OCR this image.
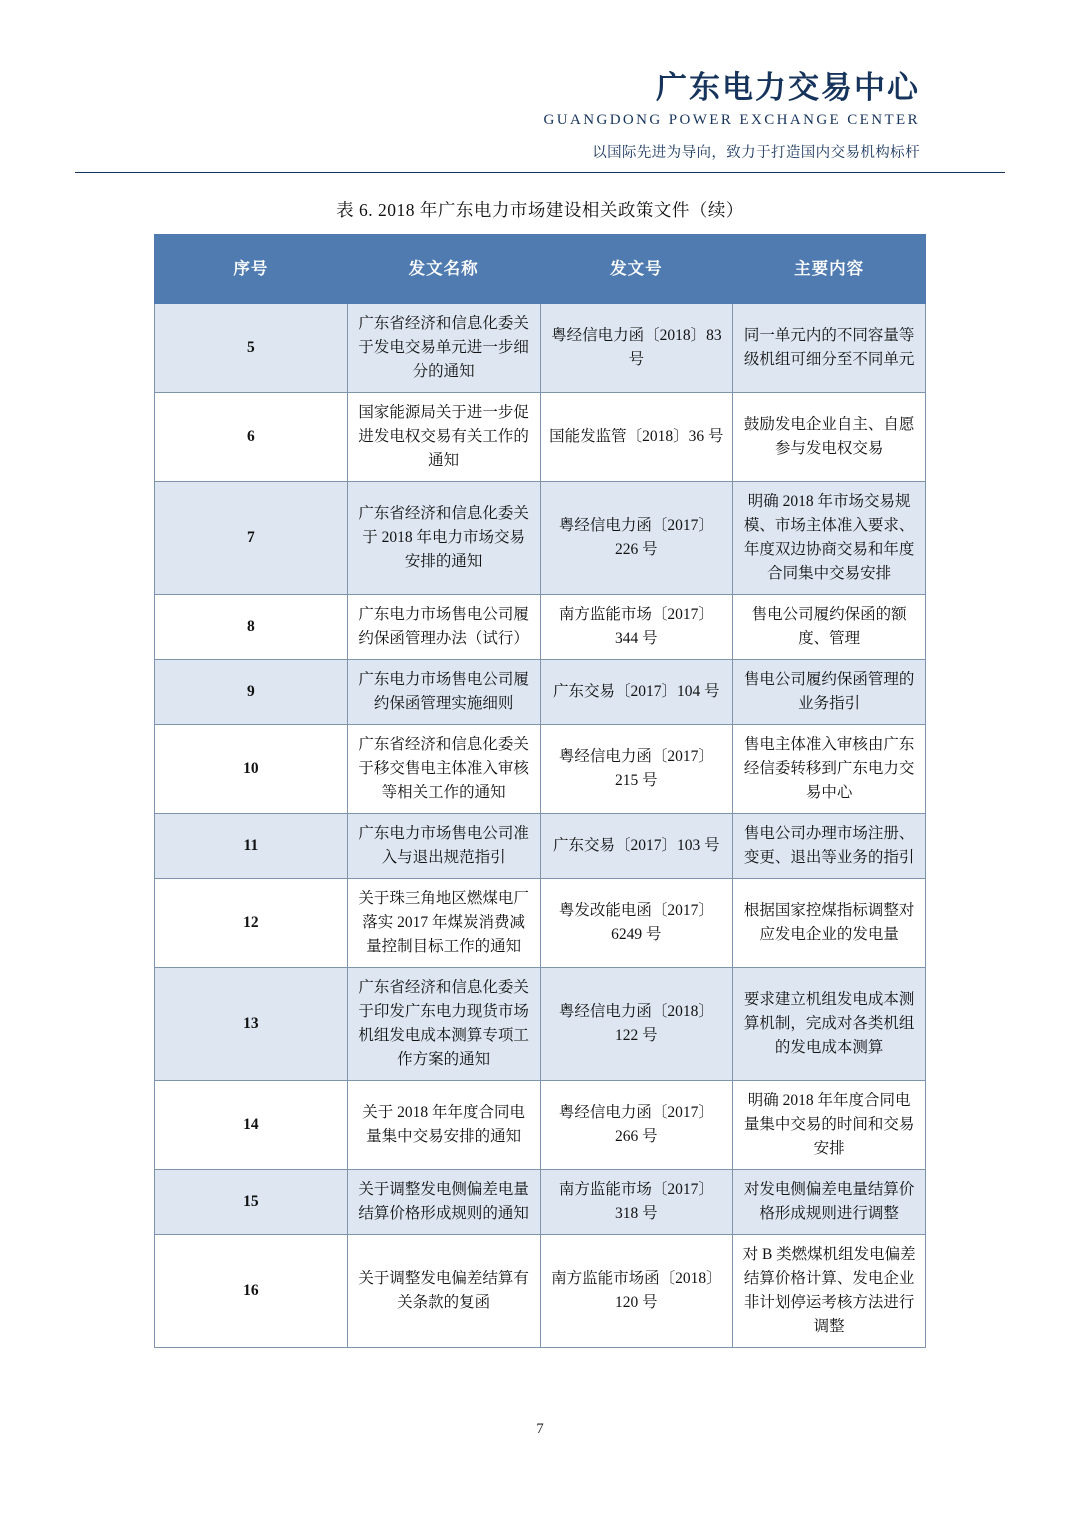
广东电力交易中心
GUANGDONG POWER EXCHANGE CENTER
以国际先进为导向，致力于打造国内交易机构标杆
表 6. 2018 年广东电力市场建设相关政策文件（续）
序号	发文名称	发文号	主要内容
5	广东省经济和信息化委关于发电交易单元进一步细分的通知	粤经信电力函〔2018〕83 号	同一单元内的不同容量等级机组可细分至不同单元
6	国家能源局关于进一步促进发电权交易有关工作的通知	国能发监管〔2018〕36 号	鼓励发电企业自主、自愿参与发电权交易
7	广东省经济和信息化委关于 2018 年电力市场交易安排的通知	粤经信电力函〔2017〕226 号	明确 2018 年市场交易规模、市场主体准入要求、年度双边协商交易和年度合同集中交易安排
8	广东电力市场售电公司履约保函管理办法（试行）	南方监能市场〔2017〕344 号	售电公司履约保函的额度、管理
9	广东电力市场售电公司履约保函管理实施细则	广东交易〔2017〕104 号	售电公司履约保函管理的业务指引
10	广东省经济和信息化委关于移交售电主体准入审核等相关工作的通知	粤经信电力函〔2017〕215 号	售电主体准入审核由广东经信委转移到广东电力交易中心
11	广东电力市场售电公司准入与退出规范指引	广东交易〔2017〕103 号	售电公司办理市场注册、变更、退出等业务的指引
12	关于珠三角地区燃煤电厂落实 2017 年煤炭消费减量控制目标工作的通知	粤发改能电函〔2017〕6249 号	根据国家控煤指标调整对应发电企业的发电量
13	广东省经济和信息化委关于印发广东电力现货市场机组发电成本测算专项工作方案的通知	粤经信电力函〔2018〕122 号	要求建立机组发电成本测算机制，完成对各类机组的发电成本测算
14	关于 2018 年年度合同电量集中交易安排的通知	粤经信电力函〔2017〕266 号	明确 2018 年年度合同电量集中交易的时间和交易安排
15	关于调整发电侧偏差电量结算价格形成规则的通知	南方监能市场〔2017〕318 号	对发电侧偏差电量结算价格形成规则进行调整
16	关于调整发电偏差结算有关条款的复函	南方监能市场函〔2018〕120 号	对 B 类燃煤机组发电偏差结算价格计算、发电企业非计划停运考核方法进行调整
7
